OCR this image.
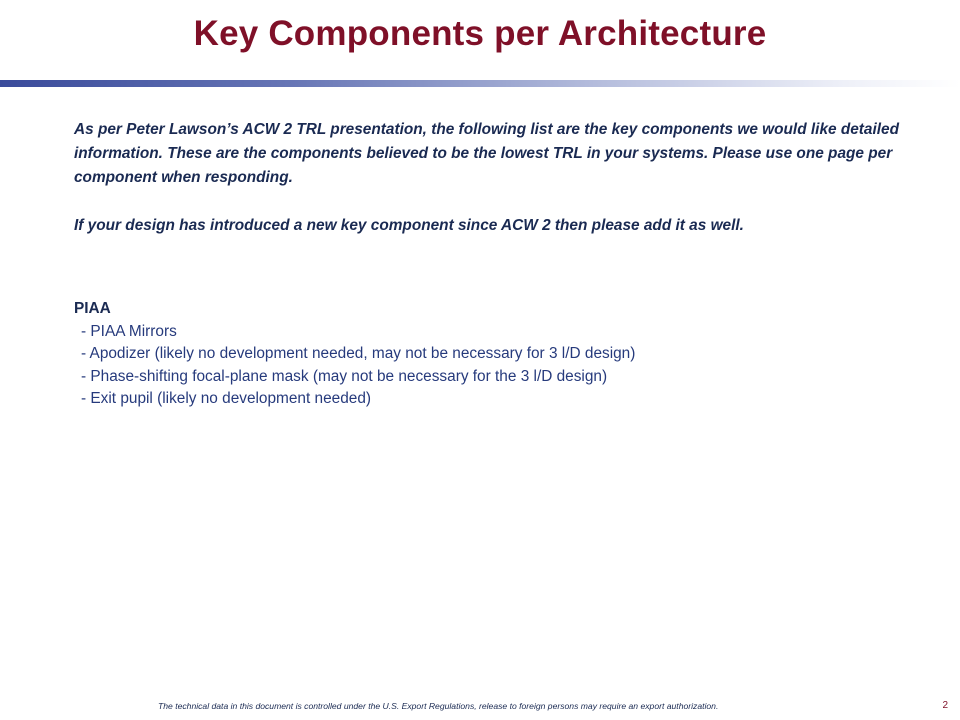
Key Components per Architecture

As per Peter Lawson’s ACW 2 TRL presentation, the following list are the key components we would like detailed information. These are the components believed to be the lowest TRL in your systems. Please use one page per component when responding.

If your design has introduced a new key component since ACW 2 then please add it as well.

PIAA

- PIAA Mirrors
- Apodizer (likely no development needed, may not be necessary for 3 l/D design)
- Phase-shifting focal-plane mask (may not be necessary for the 3 l/D design)
- Exit pupil (likely no development needed)
The technical data in this document is controlled under the U.S. Export Regulations, release to foreign persons may require an export authorization.	2
